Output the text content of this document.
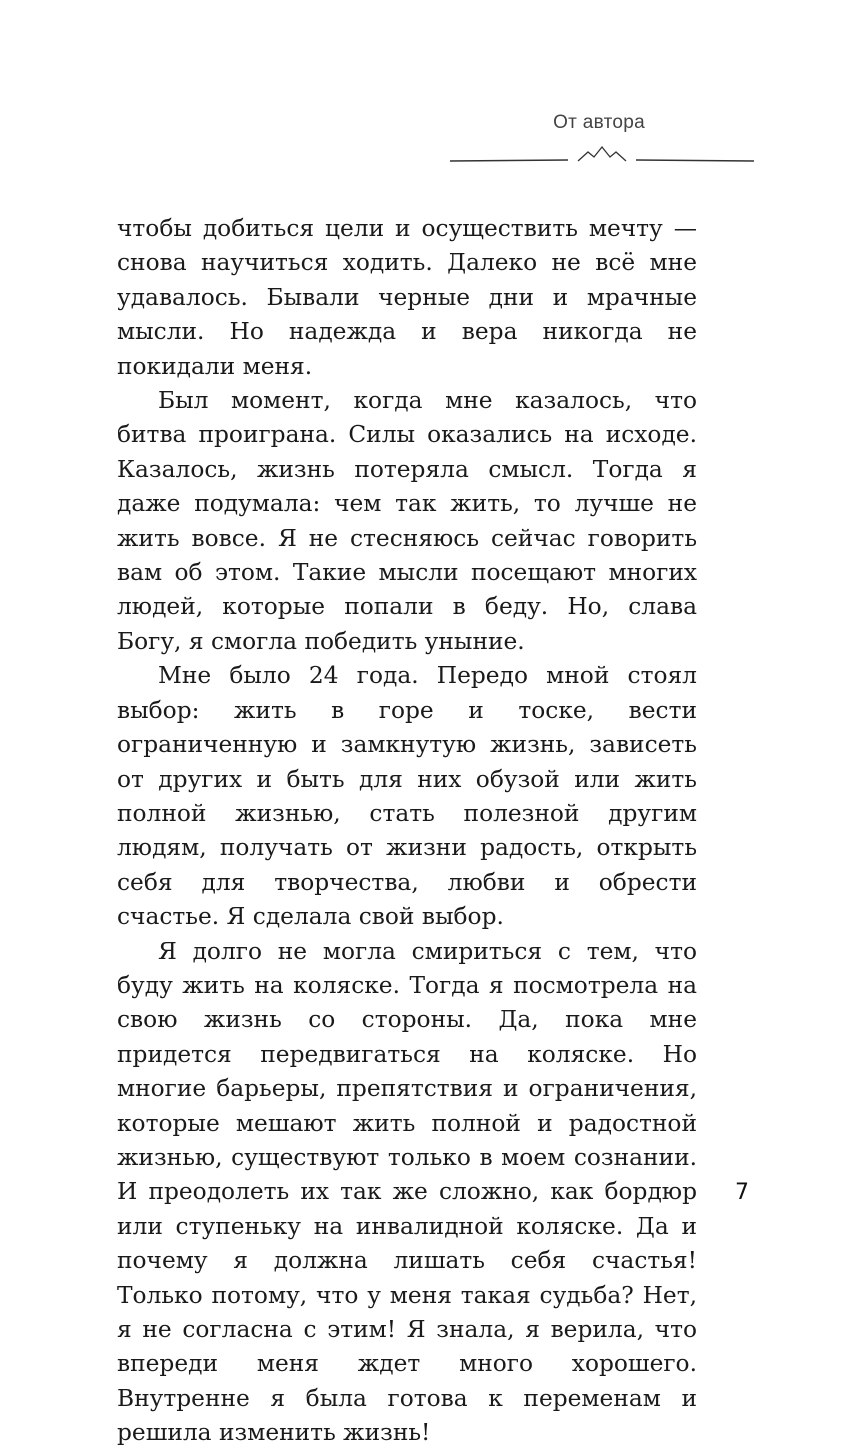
От автора

чтобы добиться цели и осуществить мечту — снова научиться ходить. Далеко не всё мне удавалось. Бывали черные дни и мрачные мысли. Но надежда и вера никогда не покидали меня.

Был момент, когда мне казалось, что битва проиграна. Силы оказались на исходе. Казалось, жизнь потеряла смысл. Тогда я даже подумала: чем так жить, то лучше не жить вовсе. Я не стесняюсь сейчас говорить вам об этом. Такие мысли посещают многих людей, которые попали в беду. Но, слава Богу, я смогла победить уныние.

Мне было 24 года. Передо мной стоял выбор: жить в горе и тоске, вести ограниченную и замкнутую жизнь, зависеть от других и быть для них обузой или жить полной жизнью, стать полезной другим людям, получать от жизни радость, открыть себя для творчества, любви и обрести счастье. Я сделала свой выбор.

Я долго не могла смириться с тем, что буду жить на коляске. Тогда я посмотрела на свою жизнь со стороны. Да, пока мне придется передвигаться на коляске. Но многие барьеры, препятствия и ограничения, которые мешают жить полной и радостной жизнью, существуют только в моем сознании. И преодолеть их так же сложно, как бордюр или ступеньку на инвалидной коляске. Да и почему я должна лишать себя счастья! Только потому, что у меня такая судьба? Нет, я не согласна с этим! Я знала, я верила, что впереди меня ждет много хорошего. Внутренне я была готова к переменам и решила изменить жизнь!

7
